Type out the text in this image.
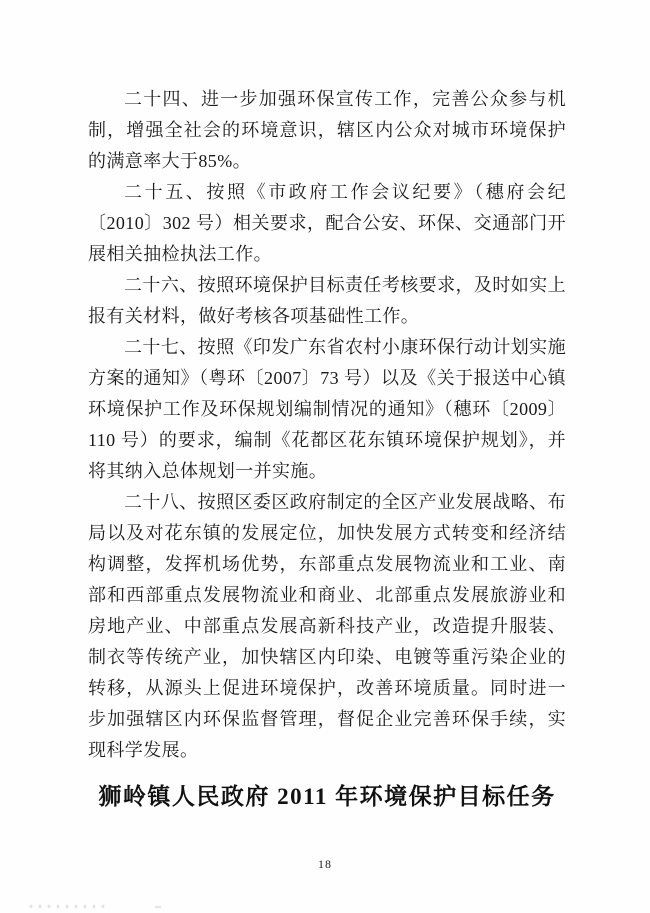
二十四、进一步加强环保宣传工作，完善公众参与机制，增强全社会的环境意识，辖区内公众对城市环境保护的满意率大于85%。

二十五、按照《市政府工作会议纪要》（穗府会纪〔2010〕302 号）相关要求，配合公安、环保、交通部门开展相关抽检执法工作。

二十六、按照环境保护目标责任考核要求，及时如实上报有关材料，做好考核各项基础性工作。

二十七、按照《印发广东省农村小康环保行动计划实施方案的通知》（粤环〔2007〕73 号）以及《关于报送中心镇环境保护工作及环保规划编制情况的通知》（穗环〔2009〕110 号）的要求，编制《花都区花东镇环境保护规划》，并将其纳入总体规划一并实施。

二十八、按照区委区政府制定的全区产业发展战略、布局以及对花东镇的发展定位，加快发展方式转变和经济结构调整，发挥机场优势，东部重点发展物流业和工业、南部和西部重点发展物流业和商业、北部重点发展旅游业和房地产业、中部重点发展高新科技产业，改造提升服装、制衣等传统产业，加快辖区内印染、电镀等重污染企业的转移，从源头上促进环境保护，改善环境质量。同时进一步加强辖区内环保监督管理，督促企业完善环保手续，实现科学发展。

狮岭镇人民政府 2011 年环境保护目标任务
18
